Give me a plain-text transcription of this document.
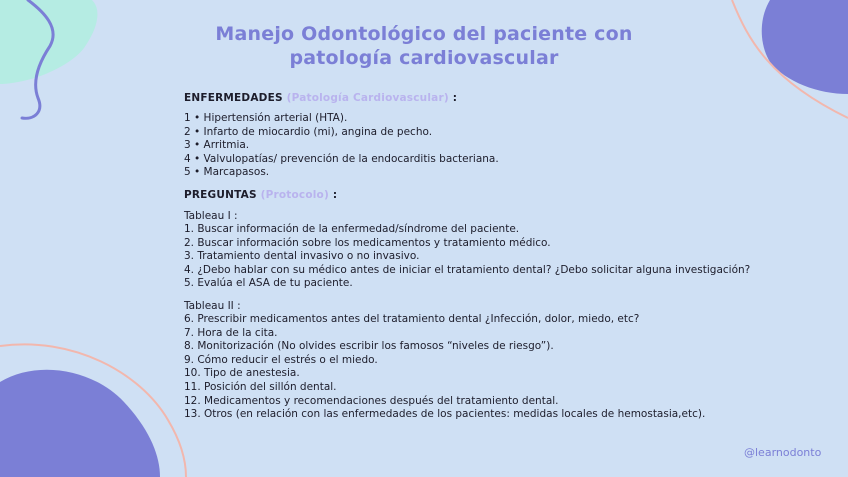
Manejo Odontológico del paciente con
patología cardiovascular

ENFERMEDADES (Patología Cardiovascular) :

1 • Hipertensión arterial (HTA).
2 • Infarto de miocardio (mi), angina de pecho.
3 • Arritmia.
4 • Valvulopatías/ prevención de la endocarditis bacteriana.
5 • Marcapasos.

PREGUNTAS (Protocolo) :

Tableau I :
1. Buscar información de la enfermedad/síndrome del paciente.
2. Buscar información sobre los medicamentos y tratamiento médico.
3. Tratamiento dental invasivo o no invasivo.
4. ¿Debo hablar con su médico antes de iniciar el tratamiento dental? ¿Debo solicitar alguna investigación?
5. Evalúa el ASA de tu paciente.
Tableau II :
6. Prescribir medicamentos antes del tratamiento dental ¿Infección, dolor, miedo, etc?
7. Hora de la cita.
8. Monitorización (No olvides escribir los famosos “niveles de riesgo”).
9. Cómo reducir el estrés o el miedo.
10. Tipo de anestesia.
11. Posición del sillón dental.
12. Medicamentos y recomendaciones después del tratamiento dental.
13. Otros (en relación con las enfermedades de los pacientes: medidas locales de hemostasia,etc).
@learnodonto
